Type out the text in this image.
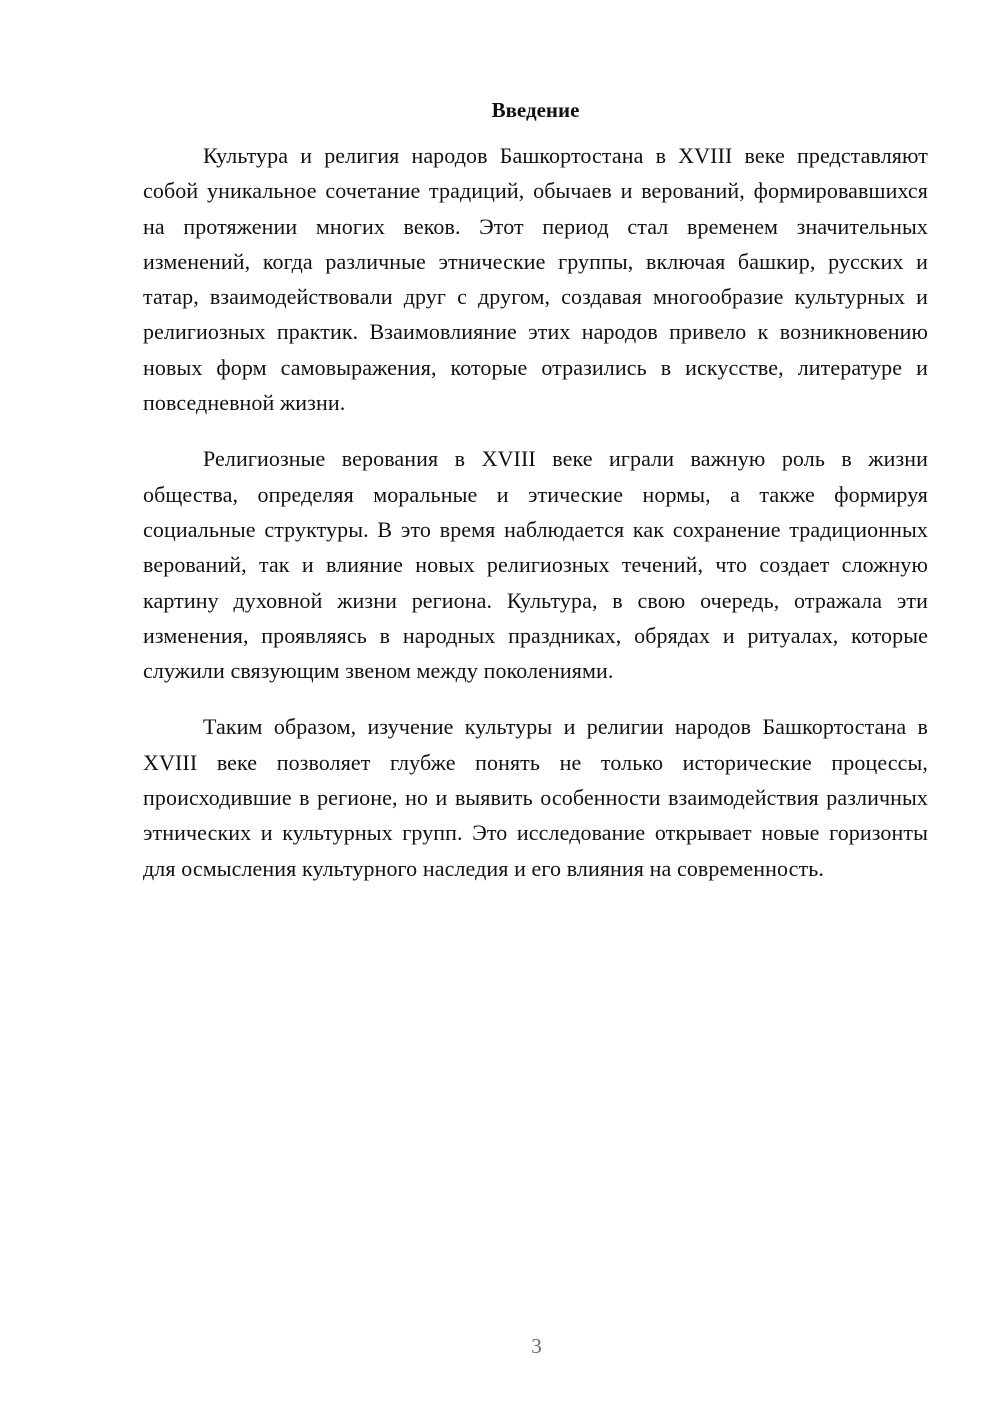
Введение

Культура и религия народов Башкортостана в XVIII веке представляют собой уникальное сочетание традиций, обычаев и верований, формировавшихся на протяжении многих веков. Этот период стал временем значительных изменений, когда различные этнические группы, включая башкир, русских и татар, взаимодействовали друг с другом, создавая многообразие культурных и религиозных практик. Взаимовлияние этих народов привело к возникновению новых форм самовыражения, которые отразились в искусстве, литературе и повседневной жизни.

Религиозные верования в XVIII веке играли важную роль в жизни общества, определяя моральные и этические нормы, а также формируя социальные структуры. В это время наблюдается как сохранение традиционных верований, так и влияние новых религиозных течений, что создает сложную картину духовной жизни региона. Культура, в свою очередь, отражала эти изменения, проявляясь в народных праздниках, обрядах и ритуалах, которые служили связующим звеном между поколениями.

Таким образом, изучение культуры и религии народов Башкортостана в XVIII веке позволяет глубже понять не только исторические процессы, происходившие в регионе, но и выявить особенности взаимодействия различных этнических и культурных групп. Это исследование открывает новые горизонты для осмысления культурного наследия и его влияния на современность.

3
